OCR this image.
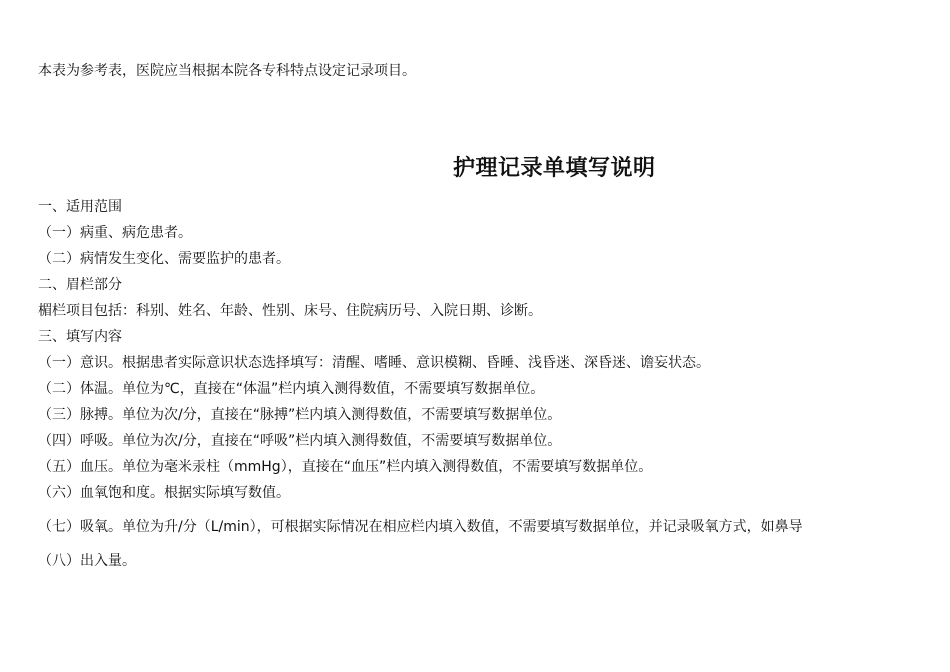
本表为参考表，医院应当根据本院各专科特点设定记录项目。
护理记录单填写说明
一、适用范围
（一）病重、病危患者。
（二）病情发生变化、需要监护的患者。
二、眉栏部分
楣栏项目包括：科别、姓名、年龄、性别、床号、住院病历号、入院日期、诊断。
三、填写内容
（一）意识。根据患者实际意识状态选择填写：清醒、嗜睡、意识模糊、昏睡、浅昏迷、深昏迷、谵妄状态。
（二）体温。单位为℃，直接在“体温”栏内填入测得数值，不需要填写数据单位。
（三）脉搏。单位为次/分，直接在“脉搏”栏内填入测得数值，不需要填写数据单位。
（四）呼吸。单位为次/分，直接在“呼吸”栏内填入测得数值，不需要填写数据单位。
（五）血压。单位为毫米汞柱（mmHg），直接在“血压”栏内填入测得数值，不需要填写数据单位。
（六）血氧饱和度。根据实际填写数值。
（七）吸氧。单位为升/分（L/min），可根据实际情况在相应栏内填入数值，不需要填写数据单位，并记录吸氧方式，如鼻导
（八）出入量。
